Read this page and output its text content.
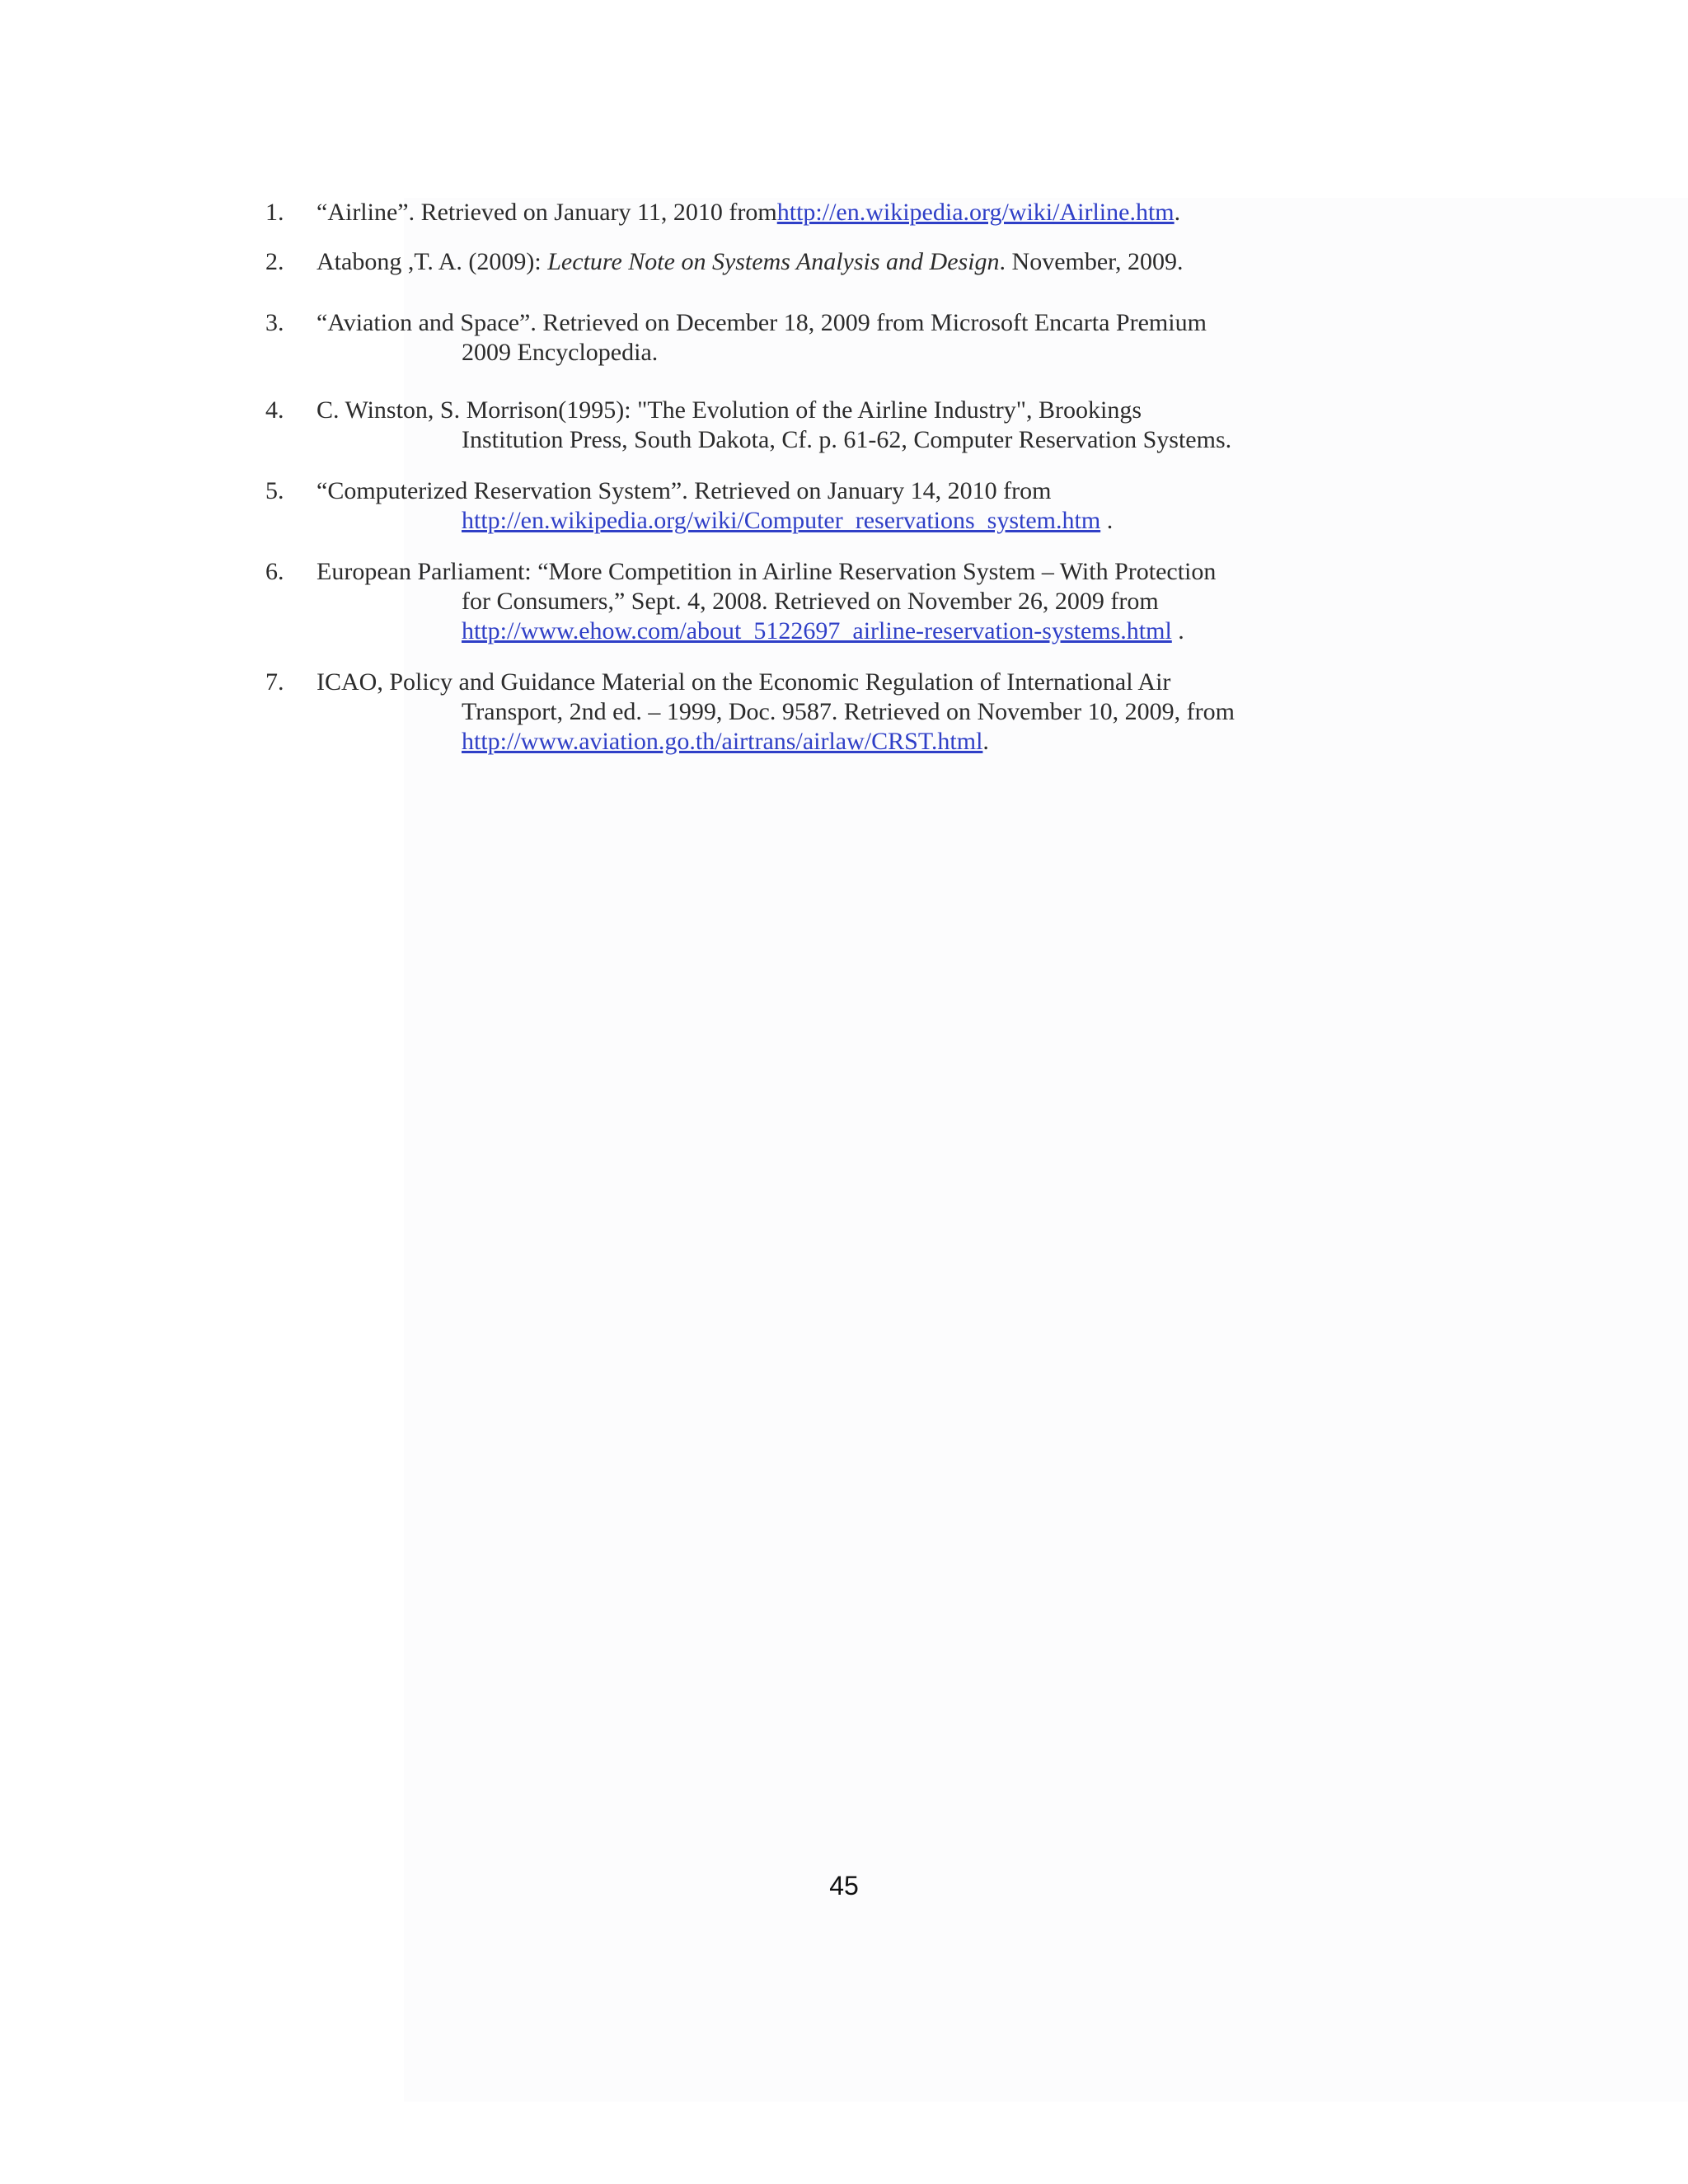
1.	“Airline”. Retrieved on January 11, 2010 fromhttp://en.wikipedia.org/wiki/Airline.htm.
2.	Atabong ,T. A. (2009): Lecture Note on Systems Analysis and Design. November, 2009.
3.	“Aviation and Space”. Retrieved on December 18, 2009 from Microsoft Encarta Premium
2009 Encyclopedia.
4.	C. Winston, S. Morrison(1995): "The Evolution of the Airline Industry", Brookings
Institution Press, South Dakota, Cf. p. 61-62, Computer Reservation Systems.
5.	“Computerized Reservation System”. Retrieved on January 14, 2010 from
http://en.wikipedia.org/wiki/Computer_reservations_system.htm .
6.	European Parliament: “More Competition in Airline Reservation System – With Protection
for Consumers,” Sept. 4, 2008. Retrieved on November 26, 2009 from
http://www.ehow.com/about_5122697_airline-reservation-systems.html .
7.	ICAO, Policy and Guidance Material on the Economic Regulation of International Air
Transport, 2nd ed. – 1999, Doc. 9587. Retrieved on November 10, 2009, from
http://www.aviation.go.th/airtrans/airlaw/CRST.html.
45
